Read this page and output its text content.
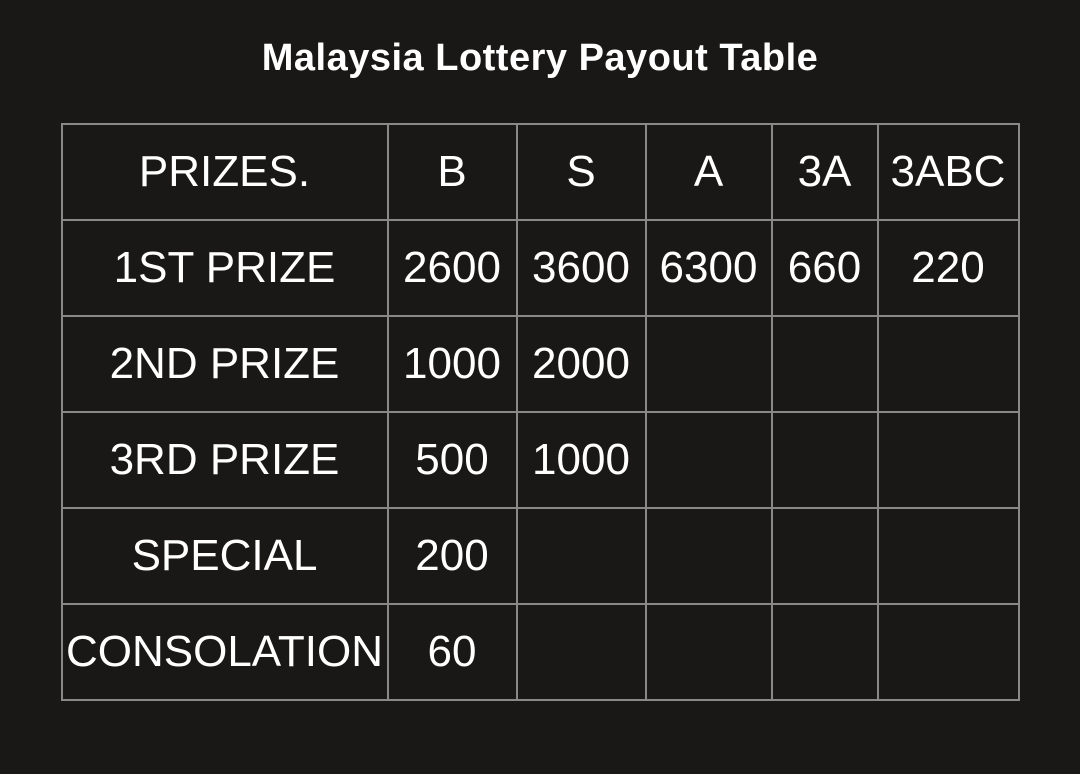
Malaysia Lottery Payout Table
PRIZES.	B	S	A	3A	3ABC
1ST PRIZE	2600	3600	6300	660	220
2ND PRIZE	1000	2000			
3RD PRIZE	500	1000			
SPECIAL	200				
CONSOLATION	60				
